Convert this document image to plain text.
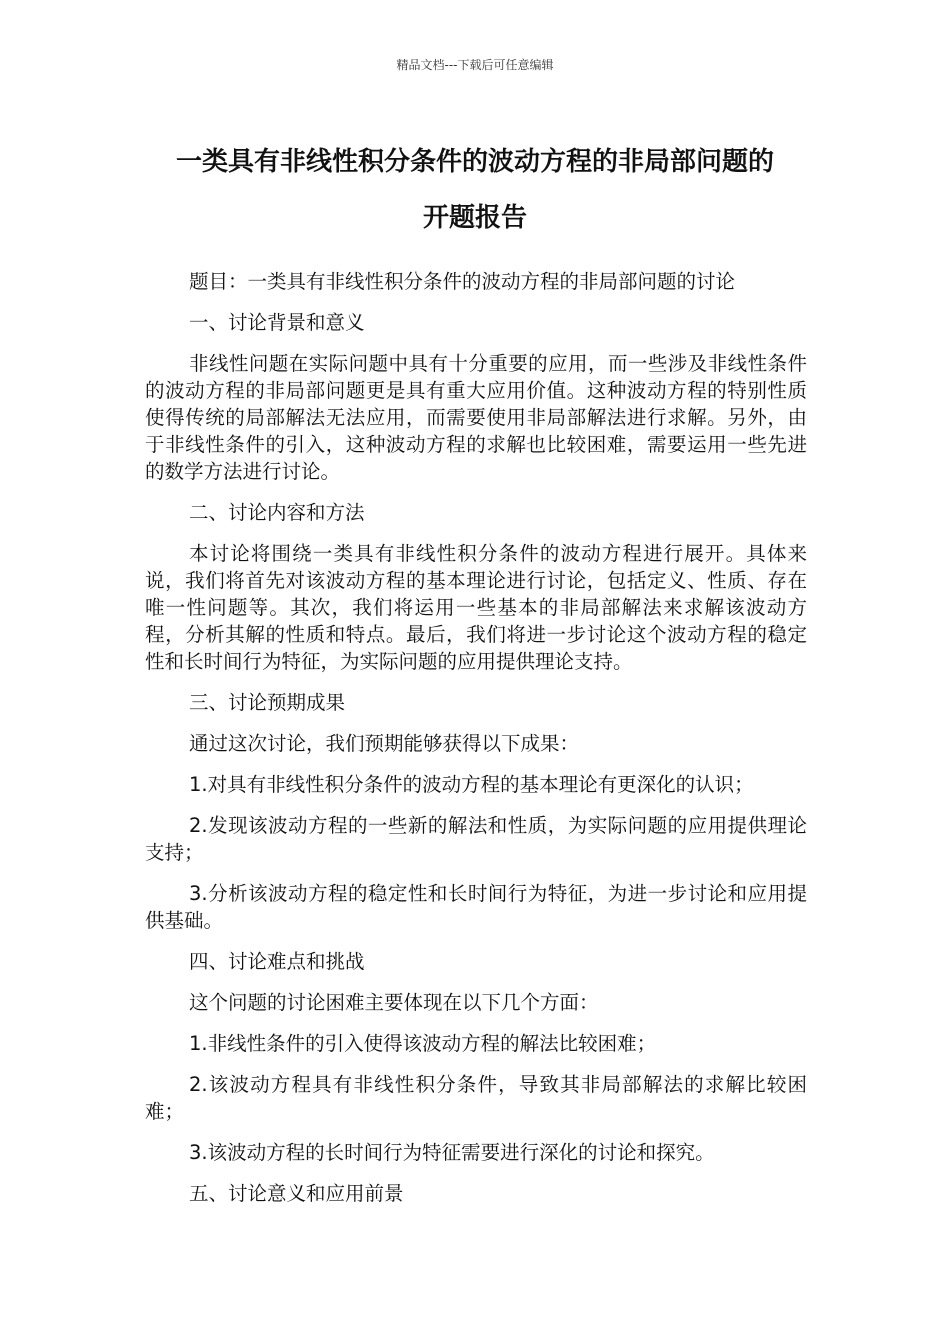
精品文档---下载后可任意编辑
一类具有非线性积分条件的波动方程的非局部问题的
开题报告

题目：一类具有非线性积分条件的波动方程的非局部问题的讨论

一、讨论背景和意义

非线性问题在实际问题中具有十分重要的应用，而一些涉及非线性条件的波动方程的非局部问题更是具有重大应用价值。这种波动方程的特别性质使得传统的局部解法无法应用，而需要使用非局部解法进行求解。另外，由于非线性条件的引入，这种波动方程的求解也比较困难，需要运用一些先进的数学方法进行讨论。

二、讨论内容和方法

本讨论将围绕一类具有非线性积分条件的波动方程进行展开。具体来说，我们将首先对该波动方程的基本理论进行讨论，包括定义、性质、存在唯一性问题等。其次，我们将运用一些基本的非局部解法来求解该波动方程，分析其解的性质和特点。最后，我们将进一步讨论这个波动方程的稳定性和长时间行为特征，为实际问题的应用提供理论支持。

三、讨论预期成果

通过这次讨论，我们预期能够获得以下成果：

1.对具有非线性积分条件的波动方程的基本理论有更深化的认识；

2.发现该波动方程的一些新的解法和性质，为实际问题的应用提供理论支持；

3.分析该波动方程的稳定性和长时间行为特征，为进一步讨论和应用提供基础。

四、讨论难点和挑战

这个问题的讨论困难主要体现在以下几个方面：

1.非线性条件的引入使得该波动方程的解法比较困难；

2.该波动方程具有非线性积分条件，导致其非局部解法的求解比较困难；

3.该波动方程的长时间行为特征需要进行深化的讨论和探究。

五、讨论意义和应用前景
